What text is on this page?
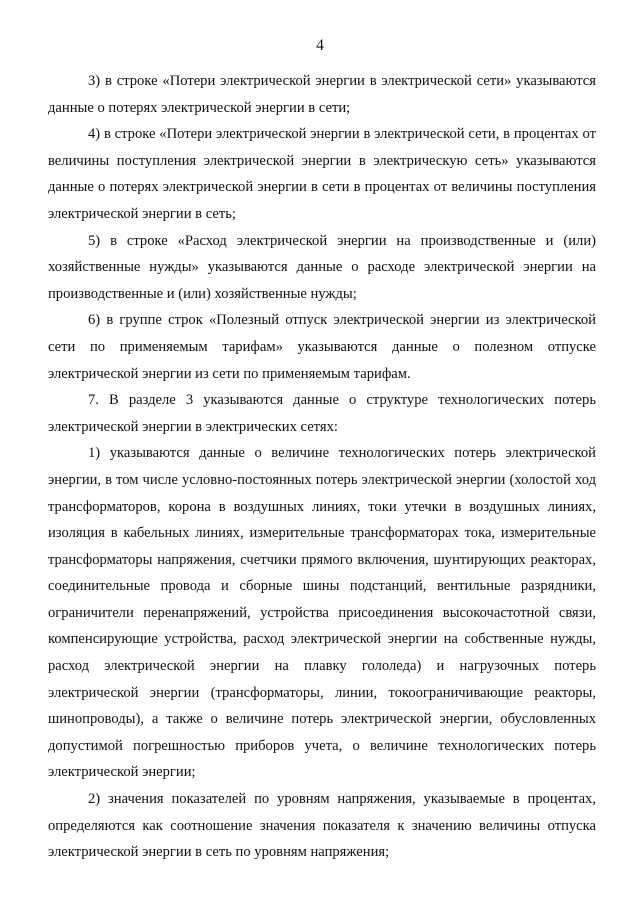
4

3) в строке «Потери электрической энергии в электрической сети» указываются данные о потерях электрической энергии в сети;

4) в строке «Потери электрической энергии в электрической сети, в процентах от величины поступления электрической энергии в электрическую сеть» указываются данные о потерях электрической энергии в сети в процентах от величины поступления электрической энергии в сеть;

5) в строке «Расход электрической энергии на производственные и (или) хозяйственные нужды» указываются данные о расходе электрической энергии на производственные и (или) хозяйственные нужды;

6) в группе строк «Полезный отпуск электрической энергии из электрической сети по применяемым тарифам» указываются данные о полезном отпуске электрической энергии из сети по применяемым тарифам.

7. В разделе 3 указываются данные о структуре технологических потерь электрической энергии в электрических сетях:

1) указываются данные о величине технологических потерь электрической энергии, в том числе условно-постоянных потерь электрической энергии (холостой ход трансформаторов, корона в воздушных линиях, токи утечки в воздушных линиях, изоляция в кабельных линиях, измерительные трансформаторах тока, измерительные трансформаторы напряжения, счетчики прямого включения, шунтирующих реакторах, соединительные провода и сборные шины подстанций, вентильные разрядники, ограничители перенапряжений, устройства присоединения высокочастотной связи, компенсирующие устройства, расход электрической энергии на собственные нужды, расход электрической энергии на плавку гололеда) и нагрузочных потерь электрической энергии (трансформаторы, линии, токоограничивающие реакторы, шинопроводы), а также о величине потерь электрической энергии, обусловленных допустимой погрешностью приборов учета, о величине технологических потерь электрической энергии;

2) значения показателей по уровням напряжения, указываемые в процентах, определяются как соотношение значения показателя к значению величины отпуска электрической энергии в сеть по уровням напряжения;
